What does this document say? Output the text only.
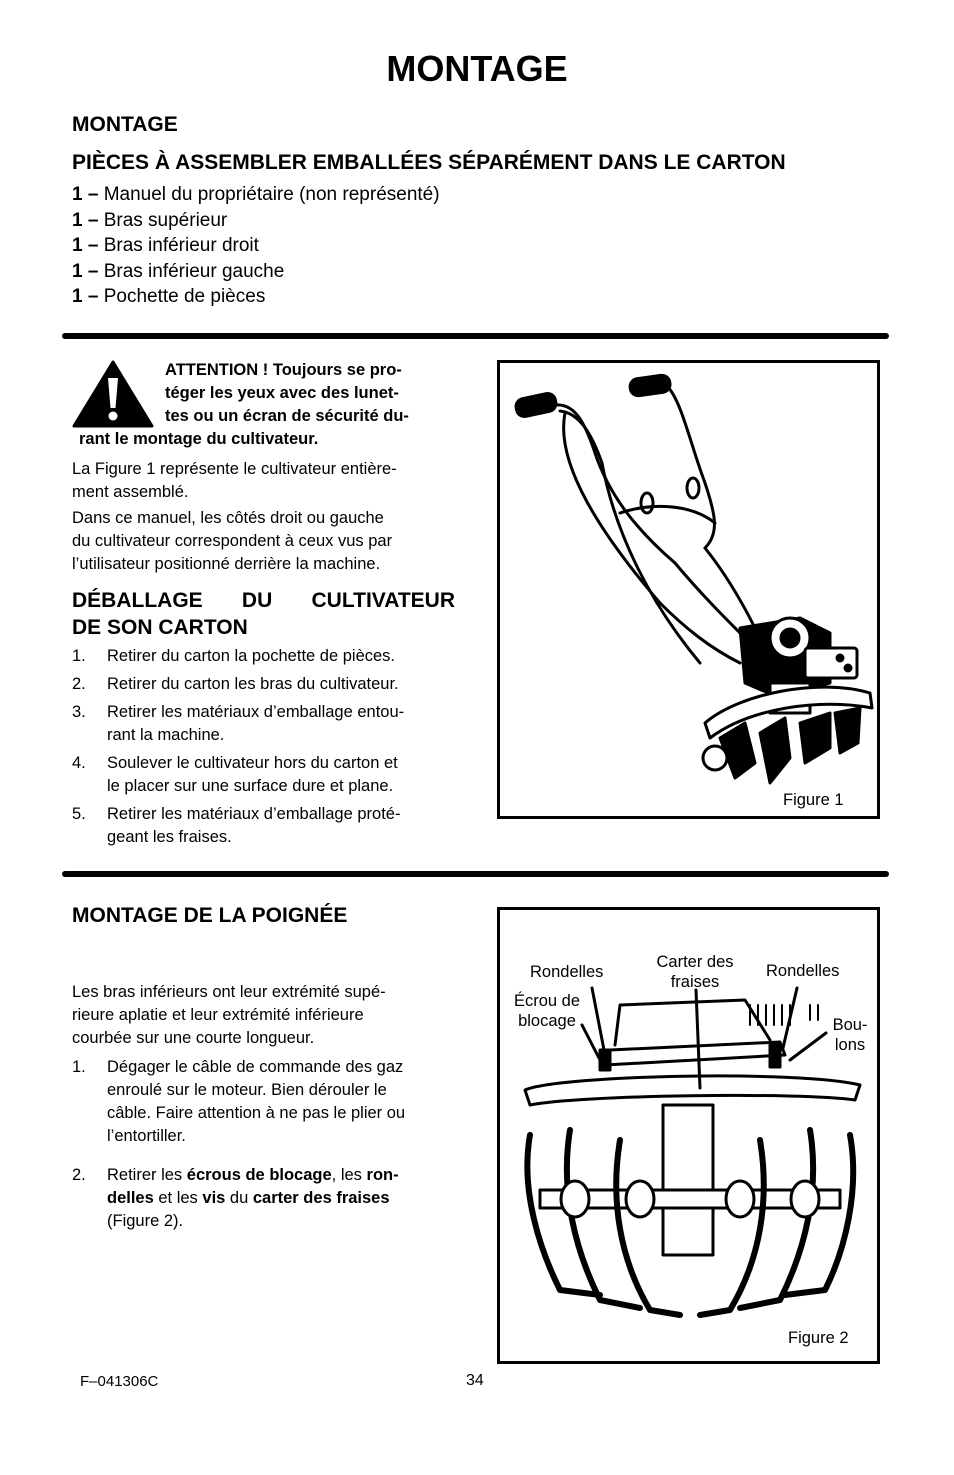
MONTAGE
MONTAGE
PIÈCES À ASSEMBLER EMBALLÉES SÉPARÉMENT DANS LE CARTON
1 – Manuel du propriétaire (non représenté)
1 – Bras supérieur
1 – Bras inférieur droit
1 – Bras inférieur gauche
1 – Pochette de pièces
ATTENTION ! Toujours se pro-
téger les yeux avec des lunet-
tes ou un écran de sécurité du-
rant le montage du cultivateur.
La Figure 1 représente le cultivateur entière-
ment assemblé.
Dans ce manuel, les côtés droit ou gauche
du cultivateur correspondent à ceux vus par
l’utilisateur positionné derrière la machine.
DÉBALLAGE DU CULTIVATEUR
DE SON CARTON
1. Retirer du carton la pochette de pièces.
2. Retirer du carton les bras du cultivateur.
3. Retirer les matériaux d’emballage entou-
rant la machine.
4. Soulever le cultivateur hors du carton et
le placer sur une surface dure et plane.
5. Retirer les matériaux d’emballage proté-
geant les fraises.
Figure 1
MONTAGE DE LA POIGNÉE
Les bras inférieurs ont leur extrémité supé-
rieure aplatie et leur extrémité inférieure
courbée sur une courte longueur.
1. Dégager le câble de commande des gaz
enroulé sur le moteur. Bien dérouler le
câble. Faire attention à ne pas le plier ou
l’entortiller.
2. Retirer les écrous de blocage, les ron-
delles et les vis du carter des fraises
(Figure 2).
Rondelles
Carter des
fraises
Rondelles
Écrou de
blocage	Bou-
lons
Figure 2
F–041306C	34
